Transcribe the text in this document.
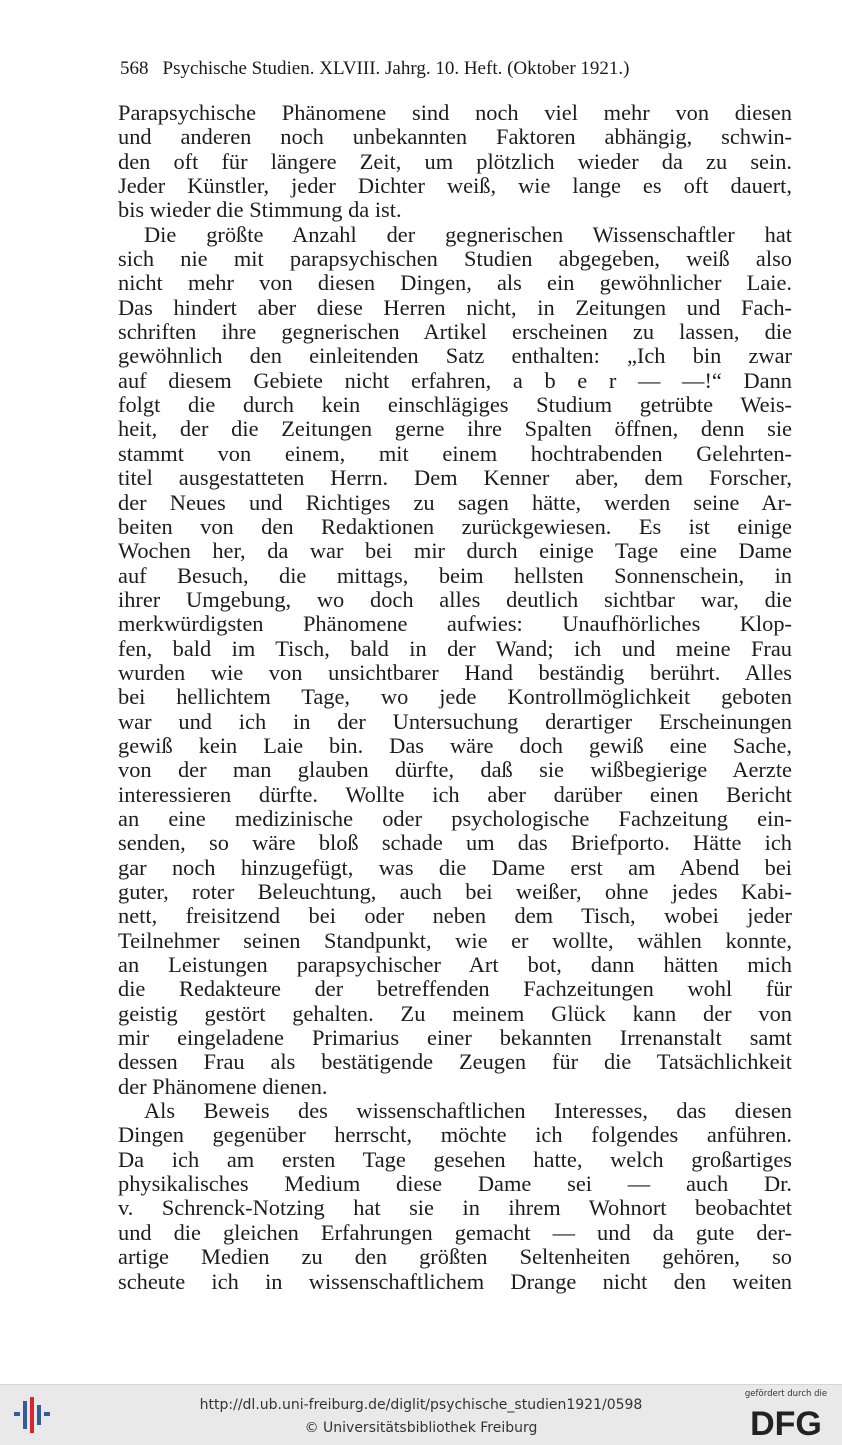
568 Psychische Studien. XLVIII. Jahrg. 10. Heft. (Oktober 1921.)
Parapsychische Phänomene sind noch viel mehr von diesen
und anderen noch unbekannten Faktoren abhängig, schwin-
den oft für längere Zeit, um plötzlich wieder da zu sein.
Jeder Künstler, jeder Dichter weiß, wie lange es oft dauert,
bis wieder die Stimmung da ist.
Die größte Anzahl der gegnerischen Wissenschaftler hat
sich nie mit parapsychischen Studien abgegeben, weiß also
nicht mehr von diesen Dingen, als ein gewöhnlicher Laie.
Das hindert aber diese Herren nicht, in Zeitungen und Fach-
schriften ihre gegnerischen Artikel erscheinen zu lassen, die
gewöhnlich den einleitenden Satz enthalten: „Ich bin zwar
auf diesem Gebiete nicht erfahren, a b e r — —!“ Dann
folgt die durch kein einschlägiges Studium getrübte Weis-
heit, der die Zeitungen gerne ihre Spalten öffnen, denn sie
stammt von einem, mit einem hochtrabenden Gelehrten-
titel ausgestatteten Herrn. Dem Kenner aber, dem Forscher,
der Neues und Richtiges zu sagen hätte, werden seine Ar-
beiten von den Redaktionen zurückgewiesen. Es ist einige
Wochen her, da war bei mir durch einige Tage eine Dame
auf Besuch, die mittags, beim hellsten Sonnenschein, in
ihrer Umgebung, wo doch alles deutlich sichtbar war, die
merkwürdigsten Phänomene aufwies: Unaufhörliches Klop-
fen, bald im Tisch, bald in der Wand; ich und meine Frau
wurden wie von unsichtbarer Hand beständig berührt. Alles
bei hellichtem Tage, wo jede Kontrollmöglichkeit geboten
war und ich in der Untersuchung derartiger Erscheinungen
gewiß kein Laie bin. Das wäre doch gewiß eine Sache,
von der man glauben dürfte, daß sie wißbegierige Aerzte
interessieren dürfte. Wollte ich aber darüber einen Bericht
an eine medizinische oder psychologische Fachzeitung ein-
senden, so wäre bloß schade um das Briefporto. Hätte ich
gar noch hinzugefügt, was die Dame erst am Abend bei
guter, roter Beleuchtung, auch bei weißer, ohne jedes Kabi-
nett, freisitzend bei oder neben dem Tisch, wobei jeder
Teilnehmer seinen Standpunkt, wie er wollte, wählen konnte,
an Leistungen parapsychischer Art bot, dann hätten mich
die Redakteure der betreffenden Fachzeitungen wohl für
geistig gestört gehalten. Zu meinem Glück kann der von
mir eingeladene Primarius einer bekannten Irrenanstalt samt
dessen Frau als bestätigende Zeugen für die Tatsächlichkeit
der Phänomene dienen.
Als Beweis des wissenschaftlichen Interesses, das diesen
Dingen gegenüber herrscht, möchte ich folgendes anführen.
Da ich am ersten Tage gesehen hatte, welch großartiges
physikalisches Medium diese Dame sei — auch Dr.
v. Schrenck-Notzing hat sie in ihrem Wohnort beobachtet
und die gleichen Erfahrungen gemacht — und da gute der-
artige Medien zu den größten Seltenheiten gehören, so
scheute ich in wissenschaftlichem Drange nicht den weiten
http://dl.ub.uni-freiburg.de/diglit/psychische_studien1921/0598
© Universitätsbibliothek Freiburg
gefördert durch die
DFG
